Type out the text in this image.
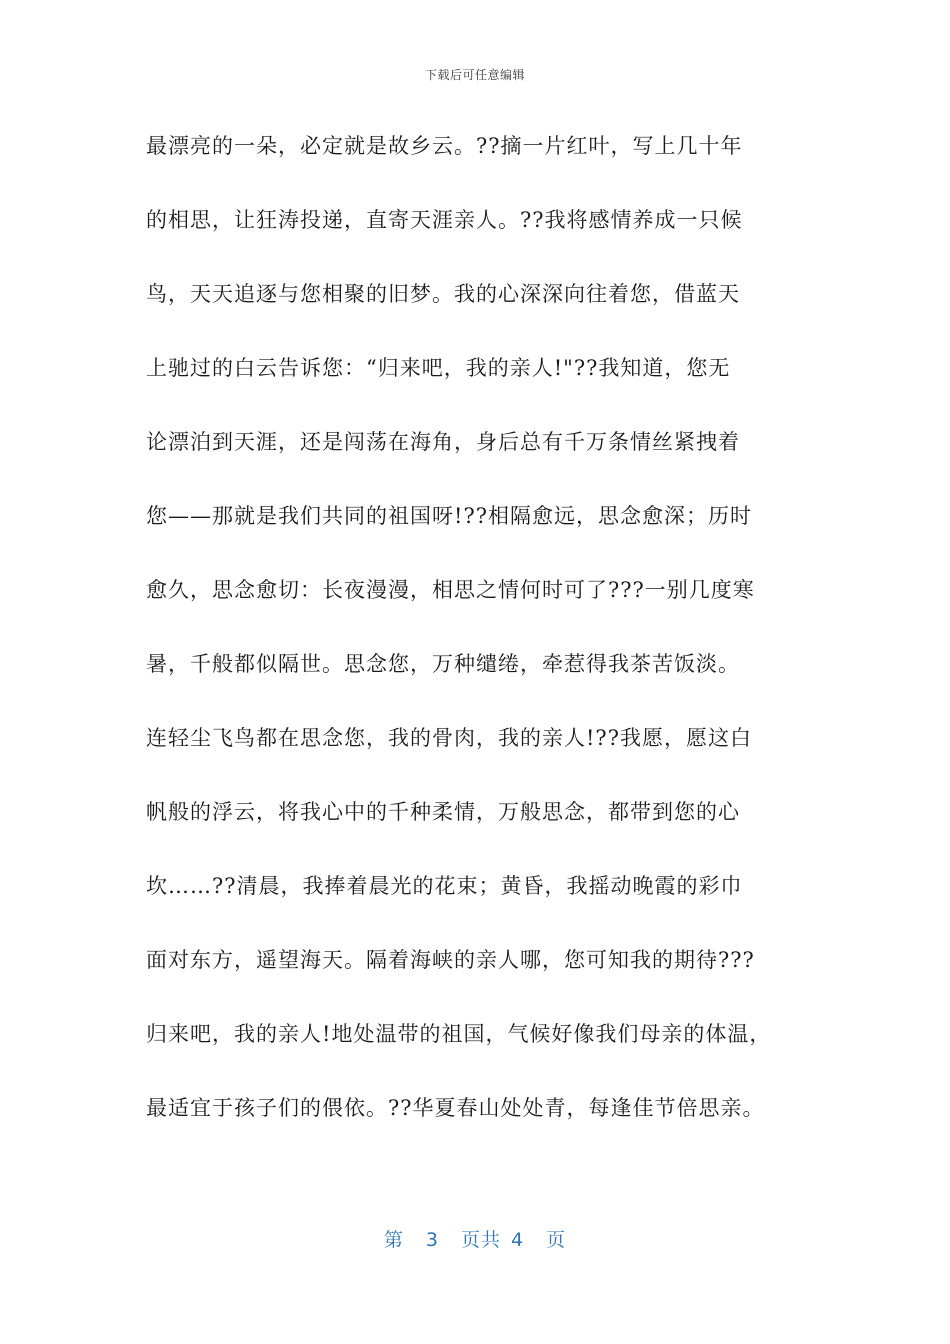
下载后可任意编辑
最漂亮的一朵，必定就是故乡云。??摘一片红叶，写上几十年
的相思，让狂涛投递，直寄天涯亲人。??我将感情养成一只候
鸟，天天追逐与您相聚的旧梦。我的心深深向往着您，借蓝天
上驰过的白云告诉您：“归来吧，我的亲人!"??我知道，您无
论漂泊到天涯，还是闯荡在海角，身后总有千万条情丝紧拽着
您——那就是我们共同的祖国呀!??相隔愈远，思念愈深；历时
愈久，思念愈切：长夜漫漫，相思之情何时可了???一别几度寒
暑，千般都似隔世。思念您，万种缱绻，牵惹得我茶苦饭淡。
连轻尘飞鸟都在思念您，我的骨肉，我的亲人!??我愿，愿这白
帆般的浮云，将我心中的千种柔情，万般思念，都带到您的心
坎……??清晨，我捧着晨光的花束；黄昏，我摇动晚霞的彩巾
面对东方，遥望海天。隔着海峡的亲人哪，您可知我的期待???
归来吧，我的亲人!地处温带的祖国，气候好像我们母亲的体温，
最适宜于孩子们的偎依。??华夏春山处处青，每逢佳节倍思亲。
第 3 页共 4 页
